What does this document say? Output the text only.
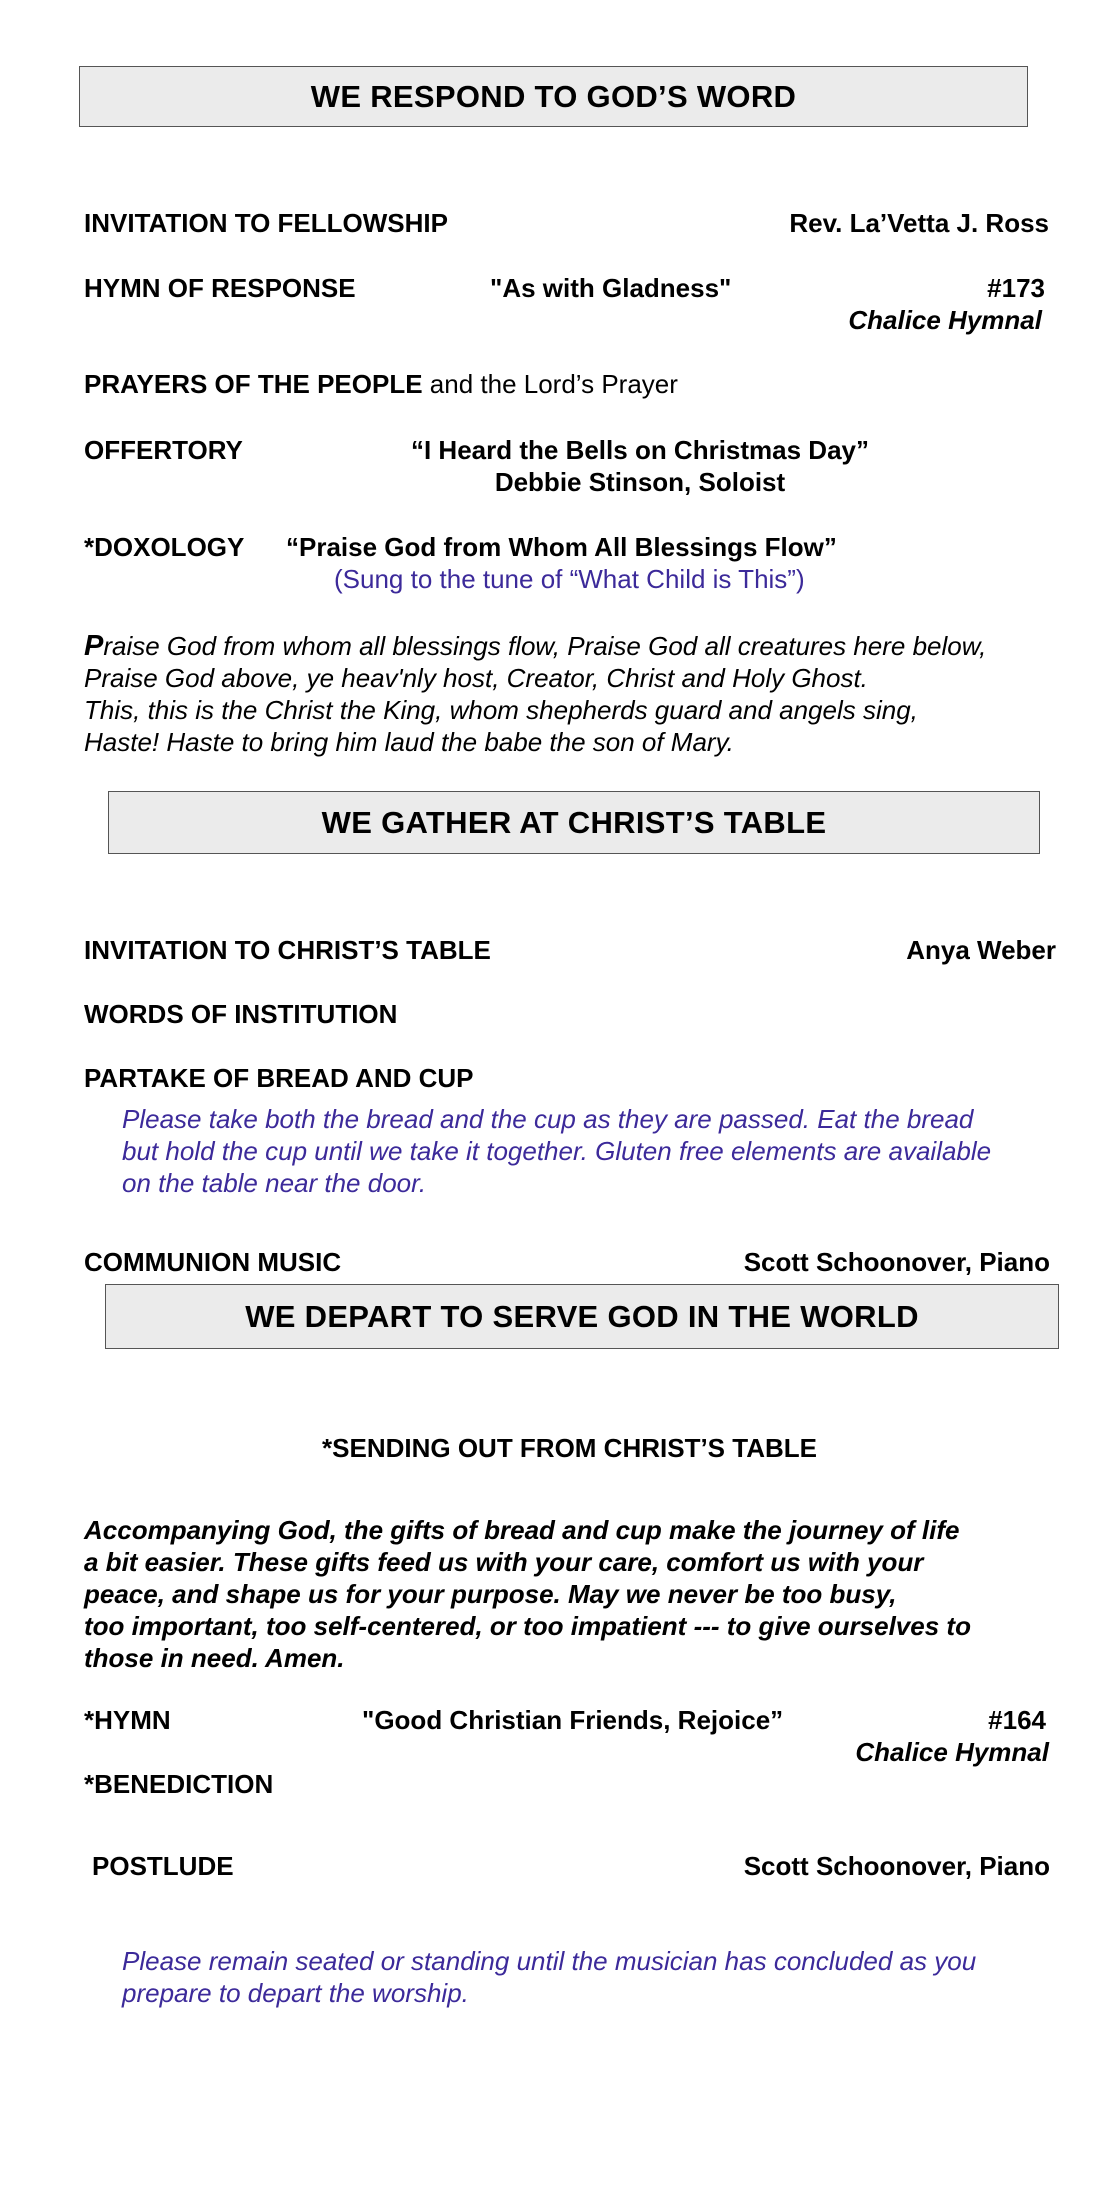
WE RESPOND TO GOD’S WORD
INVITATION TO FELLOWSHIP	Rev. La’Vetta J. Ross
HYMN OF RESPONSE	"As with Gladness"	#173
Chalice Hymnal
PRAYERS OF THE PEOPLE and the Lord’s Prayer
OFFERTORY	“I Heard the Bells on Christmas Day”
Debbie Stinson, Soloist
*DOXOLOGY “Praise God from Whom All Blessings Flow”
(Sung to the tune of “What Child is This”)
Praise God from whom all blessings flow, Praise God all creatures here below,
Praise God above, ye heav'nly host, Creator, Christ and Holy Ghost.
This, this is the Christ the King, whom shepherds guard and angels sing,
Haste! Haste to bring him laud the babe the son of Mary.
WE GATHER AT CHRIST’S TABLE
INVITATION TO CHRIST’S TABLE	Anya Weber
WORDS OF INSTITUTION
PARTAKE OF BREAD AND CUP
Please take both the bread and the cup as they are passed. Eat the bread
but hold the cup until we take it together. Gluten free elements are available
on the table near the door.
COMMUNION MUSIC	Scott Schoonover, Piano
WE DEPART TO SERVE GOD IN THE WORLD
*SENDING OUT FROM CHRIST’S TABLE
Accompanying God, the gifts of bread and cup make the journey of life
a bit easier. These gifts feed us with your care, comfort us with your
peace, and shape us for your purpose. May we never be too busy,
too important, too self-centered, or too impatient --- to give ourselves to
those in need. Amen.
*HYMN	"Good Christian Friends, Rejoice”	#164
Chalice Hymnal
*BENEDICTION
POSTLUDE	Scott Schoonover, Piano
Please remain seated or standing until the musician has concluded as you
prepare to depart the worship.
